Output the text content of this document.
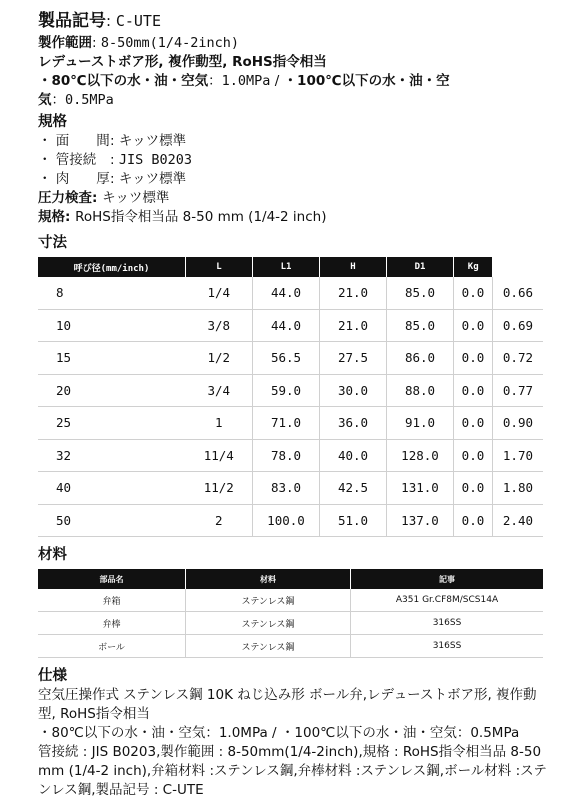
製品記号: C-UTE
製作範囲: 8-50mm(1/4-2inch)
レデューストボア形, 複作動型, RoHS指令相当
・80℃以下の水・油・空気：1.0MPa / ・100℃以下の水・油・空
気：0.5MPa
規格
・ 面　　間: キッツ標準
・ 管接続 : JIS B0203
・ 肉　　厚: キッツ標準
圧力検査: キッツ標準
規格: RoHS指令相当品 8-50 mm (1/4-2 inch)
寸法
呼び径(mm/inch)	L	L1	H	D1	Kg	
8	1/4	44.0	21.0	85.0	0.0	0.66
10	3/8	44.0	21.0	85.0	0.0	0.69
15	1/2	56.5	27.5	86.0	0.0	0.72
20	3/4	59.0	30.0	88.0	0.0	0.77
25	1	71.0	36.0	91.0	0.0	0.90
32	11/4	78.0	40.0	128.0	0.0	1.70
40	11/2	83.0	42.5	131.0	0.0	1.80
50	2	100.0	51.0	137.0	0.0	2.40
材料
部品名	材料	記事
弁箱	ステンレス鋼	A351 Gr.CF8M/SCS14A
弁棒	ステンレス鋼	316SS
ボール	ステンレス鋼	316SS
仕様

空気圧操作式 ステンレス鋼 10K ねじ込み形 ボール弁,レデューストボア形, 複作動型, RoHS指令相当

・80℃以下の水・油・空気：1.0MPa / ・100℃以下の水・油・空気：0.5MPa

管接続 : JIS B0203,製作範囲 : 8-50mm(1/4-2inch),規格 : RoHS指令相当品 8-50 mm (1/4-2 inch),弁箱材料 :ステンレス鋼,弁棒材料 :ステンレス鋼,ボール材料 :ステンレス鋼,製品記号 : C-UTE
